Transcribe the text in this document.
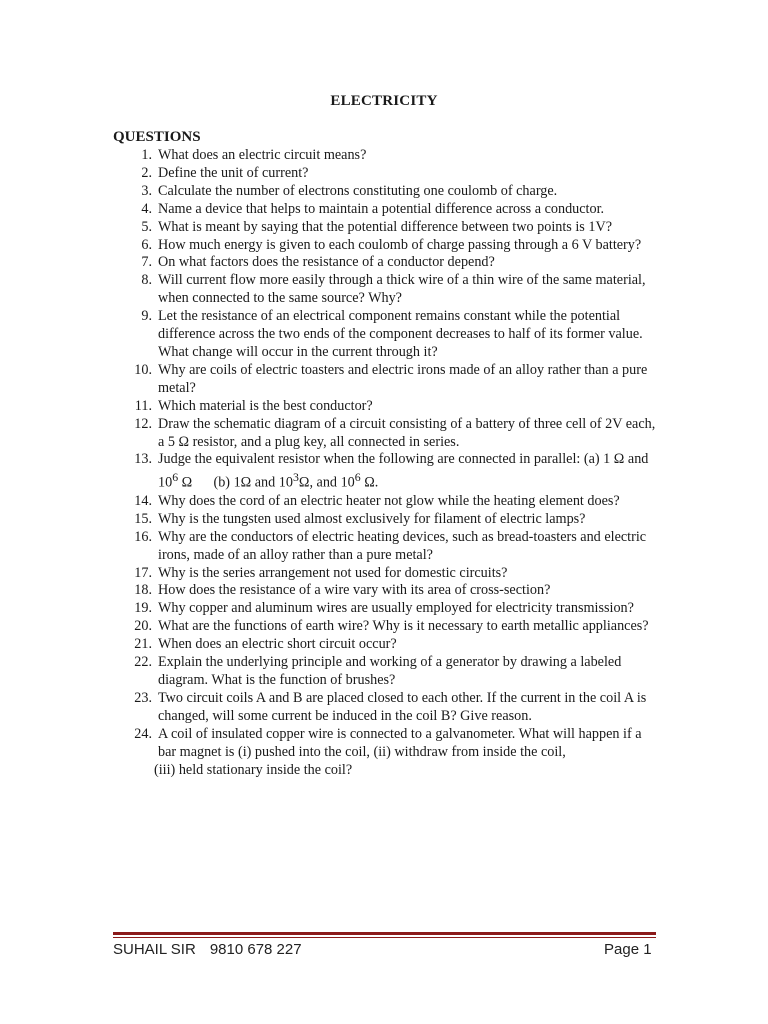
ELECTRICITY
QUESTIONS
1. What does an electric circuit means?
2. Define the unit of current?
3. Calculate the number of electrons constituting one coulomb of charge.
4. Name a device that helps to maintain a potential difference across a conductor.
5. What is meant by saying that the potential difference between two points is 1V?
6. How much energy is given to each coulomb of charge passing through a 6 V battery?
7. On what factors does the resistance of a conductor depend?
8. Will current flow more easily through a thick wire of a thin wire of the same material, when connected to the same source? Why?
9. Let the resistance of an electrical component remains constant while the potential difference across the two ends of the component decreases to half of its former value. What change will occur in the current through it?
10. Why are coils of electric toasters and electric irons made of an alloy rather than a pure metal?
11. Which material is the best conductor?
12. Draw the schematic diagram of a circuit consisting of a battery of three cell of 2V each, a 5 Ω resistor, and a plug key, all connected in series.
13. Judge the equivalent resistor when the following are connected in parallel: (a) 1 Ω and $10^6$ Ω      (b) 1Ω and $10^3\Omega$, and $10^6$ Ω.
14. Why does the cord of an electric heater not glow while the heating element does?
15. Why is the tungsten used almost exclusively for filament of electric lamps?
16. Why are the conductors of electric heating devices, such as bread-toasters and electric irons, made of an alloy rather than a pure metal?
17. Why is the series arrangement not used for domestic circuits?
18. How does the resistance of a wire vary with its area of cross-section?
19. Why copper and aluminum wires are usually employed for electricity transmission?
20. What are the functions of earth wire? Why is it necessary to earth metallic appliances?
21. When does an electric short circuit occur?
22. Explain the underlying principle and working of a generator by drawing a labeled diagram. What is the function of brushes?
23. Two circuit coils A and B are placed closed to each other. If the current in the coil A is changed, will some current be induced in the coil B? Give reason.
24. A coil of insulated copper wire is connected to a galvanometer. What will happen if a bar magnet is (i) pushed into the coil, (ii) withdraw from inside the coil,
(iii) held stationary inside the coil?
SUHAIL SIR 9810 678 227	Page 1
